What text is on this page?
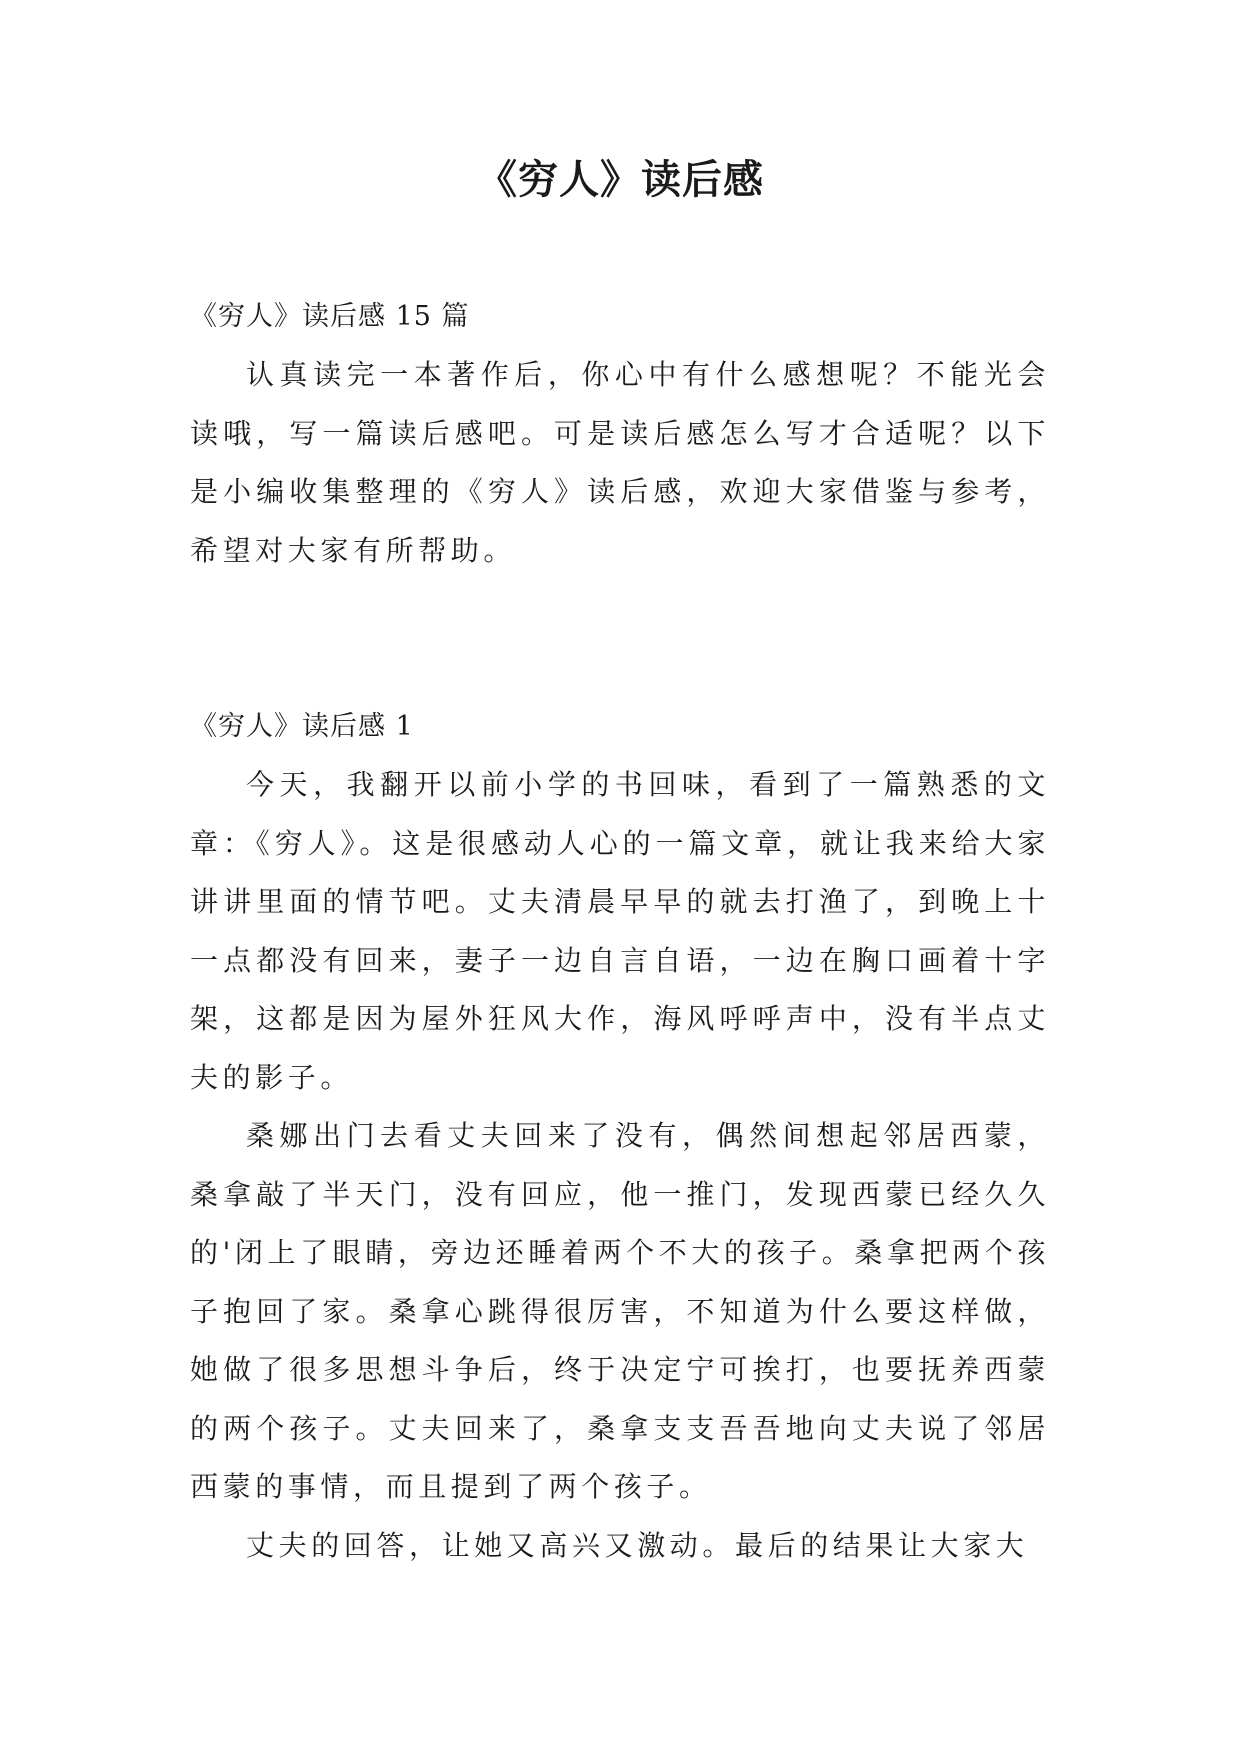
《穷人》读后感

《穷人》读后感 15 篇

认真读完一本著作后，你心中有什么感想呢？不能光会读哦，写一篇读后感吧。可是读后感怎么写才合适呢？以下是小编收集整理的《穷人》读后感，欢迎大家借鉴与参考，希望对大家有所帮助。

《穷人》读后感 1

今天，我翻开以前小学的书回味，看到了一篇熟悉的文章：《穷人》。这是很感动人心的一篇文章，就让我来给大家讲讲里面的情节吧。丈夫清晨早早的就去打渔了，到晚上十一点都没有回来，妻子一边自言自语，一边在胸口画着十字架，这都是因为屋外狂风大作，海风呼呼声中，没有半点丈夫的影子。

桑娜出门去看丈夫回来了没有，偶然间想起邻居西蒙，桑拿敲了半天门，没有回应，他一推门，发现西蒙已经久久的'闭上了眼睛，旁边还睡着两个不大的孩子。桑拿把两个孩子抱回了家。桑拿心跳得很厉害，不知道为什么要这样做，她做了很多思想斗争后，终于决定宁可挨打，也要抚养西蒙的两个孩子。丈夫回来了，桑拿支支吾吾地向丈夫说了邻居西蒙的事情，而且提到了两个孩子。

丈夫的回答，让她又高兴又激动。最后的结果让大家大
